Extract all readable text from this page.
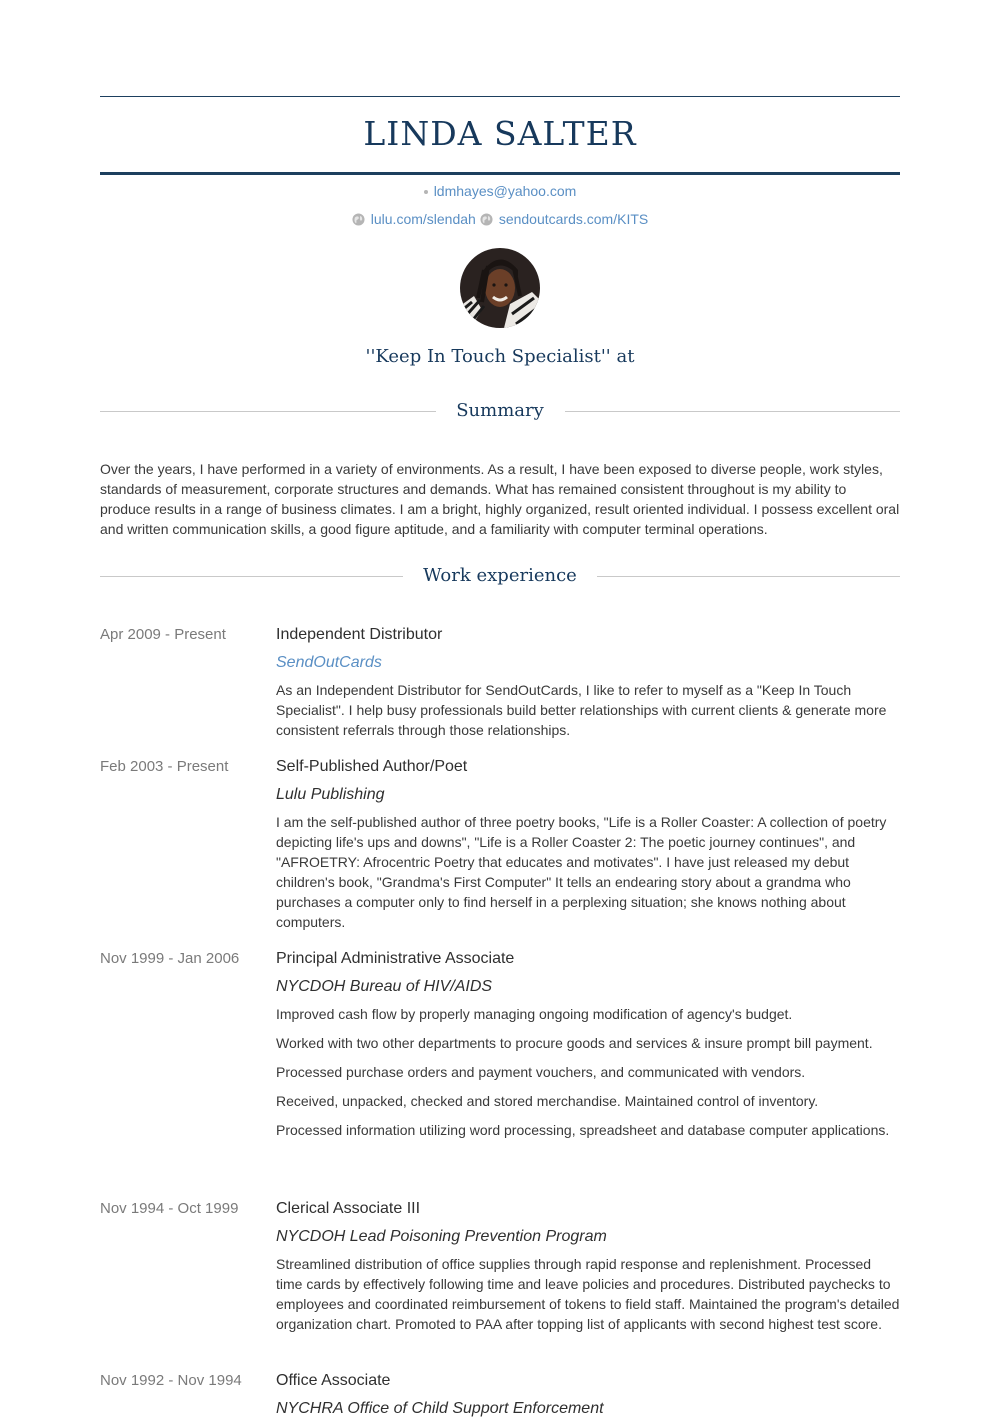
LINDA SALTER
ldmhayes@yahoo.com
lulu.com/slendah sendoutcards.com/KITS
''Keep In Touch Specialist'' at
Summary
Over the years, I have performed in a variety of environments. As a result, I have been exposed to diverse people, work styles, standards of measurement, corporate structures and demands. What has remained consistent throughout is my ability to produce results in a range of business climates. I am a bright, highly organized, result oriented individual. I possess excellent oral and written communication skills, a good figure aptitude, and a familiarity with computer terminal operations.
Work experience
Apr 2009 - Present	Independent Distributor
SendOutCards

As an Independent Distributor for SendOutCards, I like to refer to myself as a "Keep In Touch Specialist". I help busy professionals build better relationships with current clients & generate more consistent referrals through those relationships.

Feb 2003 - Present	Self-Published Author/Poet
Lulu Publishing

I am the self-published author of three poetry books, "Life is a Roller Coaster: A collection of poetry depicting life's ups and downs", "Life is a Roller Coaster 2: The poetic journey continues", and "AFROETRY: Afrocentric Poetry that educates and motivates". I have just released my debut children's book, "Grandma's First Computer" It tells an endearing story about a grandma who purchases a computer only to find herself in a perplexing situation; she knows nothing about computers.

Nov 1999 - Jan 2006	Principal Administrative Associate
NYCDOH Bureau of HIV/AIDS

Improved cash flow by properly managing ongoing modification of agency's budget.

Worked with two other departments to procure goods and services & insure prompt bill payment.

Processed purchase orders and payment vouchers, and communicated with vendors.

Received, unpacked, checked and stored merchandise. Maintained control of inventory.

Processed information utilizing word processing, spreadsheet and database computer applications.

Nov 1994 - Oct 1999	Clerical Associate III
NYCDOH Lead Poisoning Prevention Program

Streamlined distribution of office supplies through rapid response and replenishment. Processed time cards by effectively following time and leave policies and procedures. Distributed paychecks to employees and coordinated reimbursement of tokens to field staff. Maintained the program's detailed organization chart. Promoted to PAA after topping list of applicants with second highest test score.

Nov 1992 - Nov 1994	Office Associate
NYCHRA Office of Child Support Enforcement
